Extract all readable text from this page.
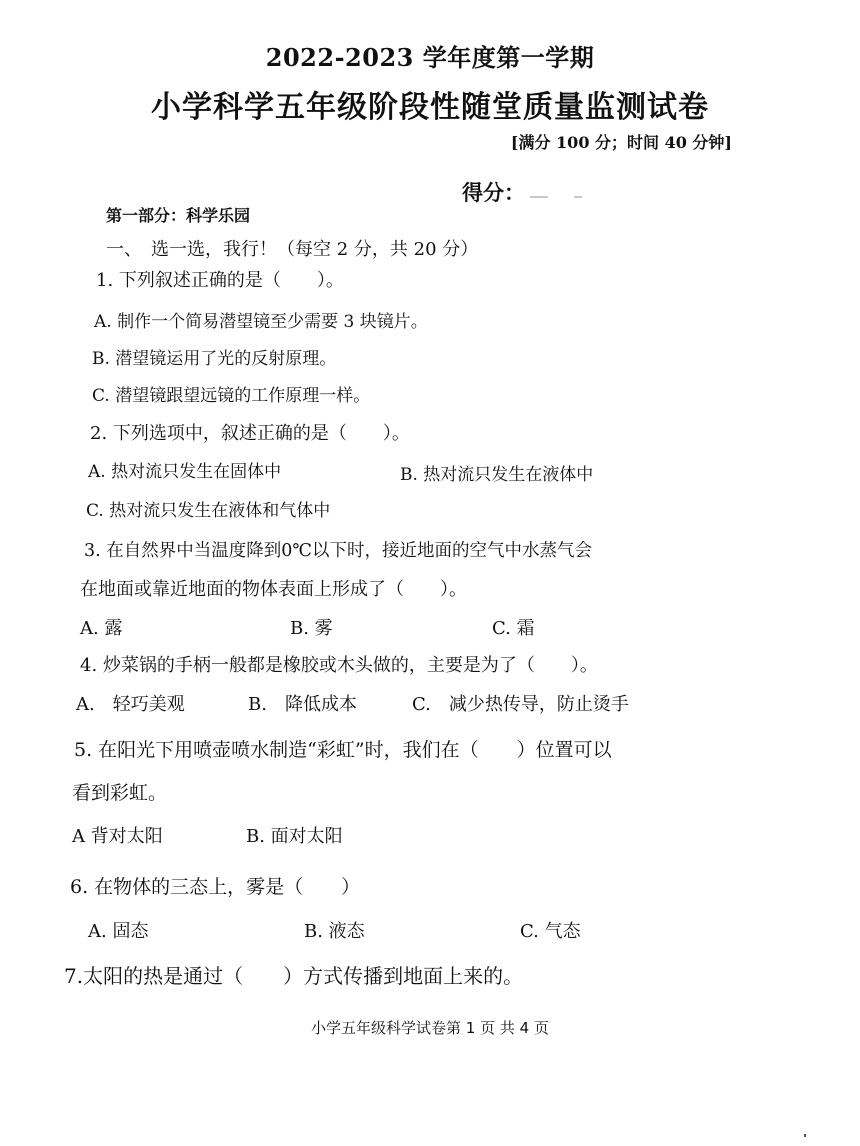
2022-2023 学年度第一学期
小学科学五年级阶段性随堂质量监测试卷
[满分 100 分；时间 40 分钟]
得分：
第一部分：科学乐园
一、　选一选，我行！（每空 2 分，共 20 分）
1. 下列叙述正确的是（　　）。
A. 制作一个简易潜望镜至少需要 3 块镜片。
B. 潜望镜运用了光的反射原理。
C. 潜望镜跟望远镜的工作原理一样。
2. 下列选项中，叙述正确的是（　　）。
A. 热对流只发生在固体中	B. 热对流只发生在液体中
C. 热对流只发生在液体和气体中
3. 在自然界中当温度降到0℃以下时，接近地面的空气中水蒸气会
在地面或靠近地面的物体表面上形成了（　　）。
A. 露	B. 雾	C. 霜
4. 炒菜锅的手柄一般都是橡胶或木头做的，主要是为了（　　）。
A.　轻巧美观	B.　降低成本	C.　减少热传导，防止烫手
5. 在阳光下用喷壶喷水制造“彩虹”时，我们在（　　）位置可以
看到彩虹。
A 背对太阳	B. 面对太阳
6. 在物体的三态上，雾是（　　）
A. 固态	B. 液态	C. 气态
7.太阳的热是通过（　　）方式传播到地面上来的。
小学五年级科学试卷第 1 页 共 4 页
